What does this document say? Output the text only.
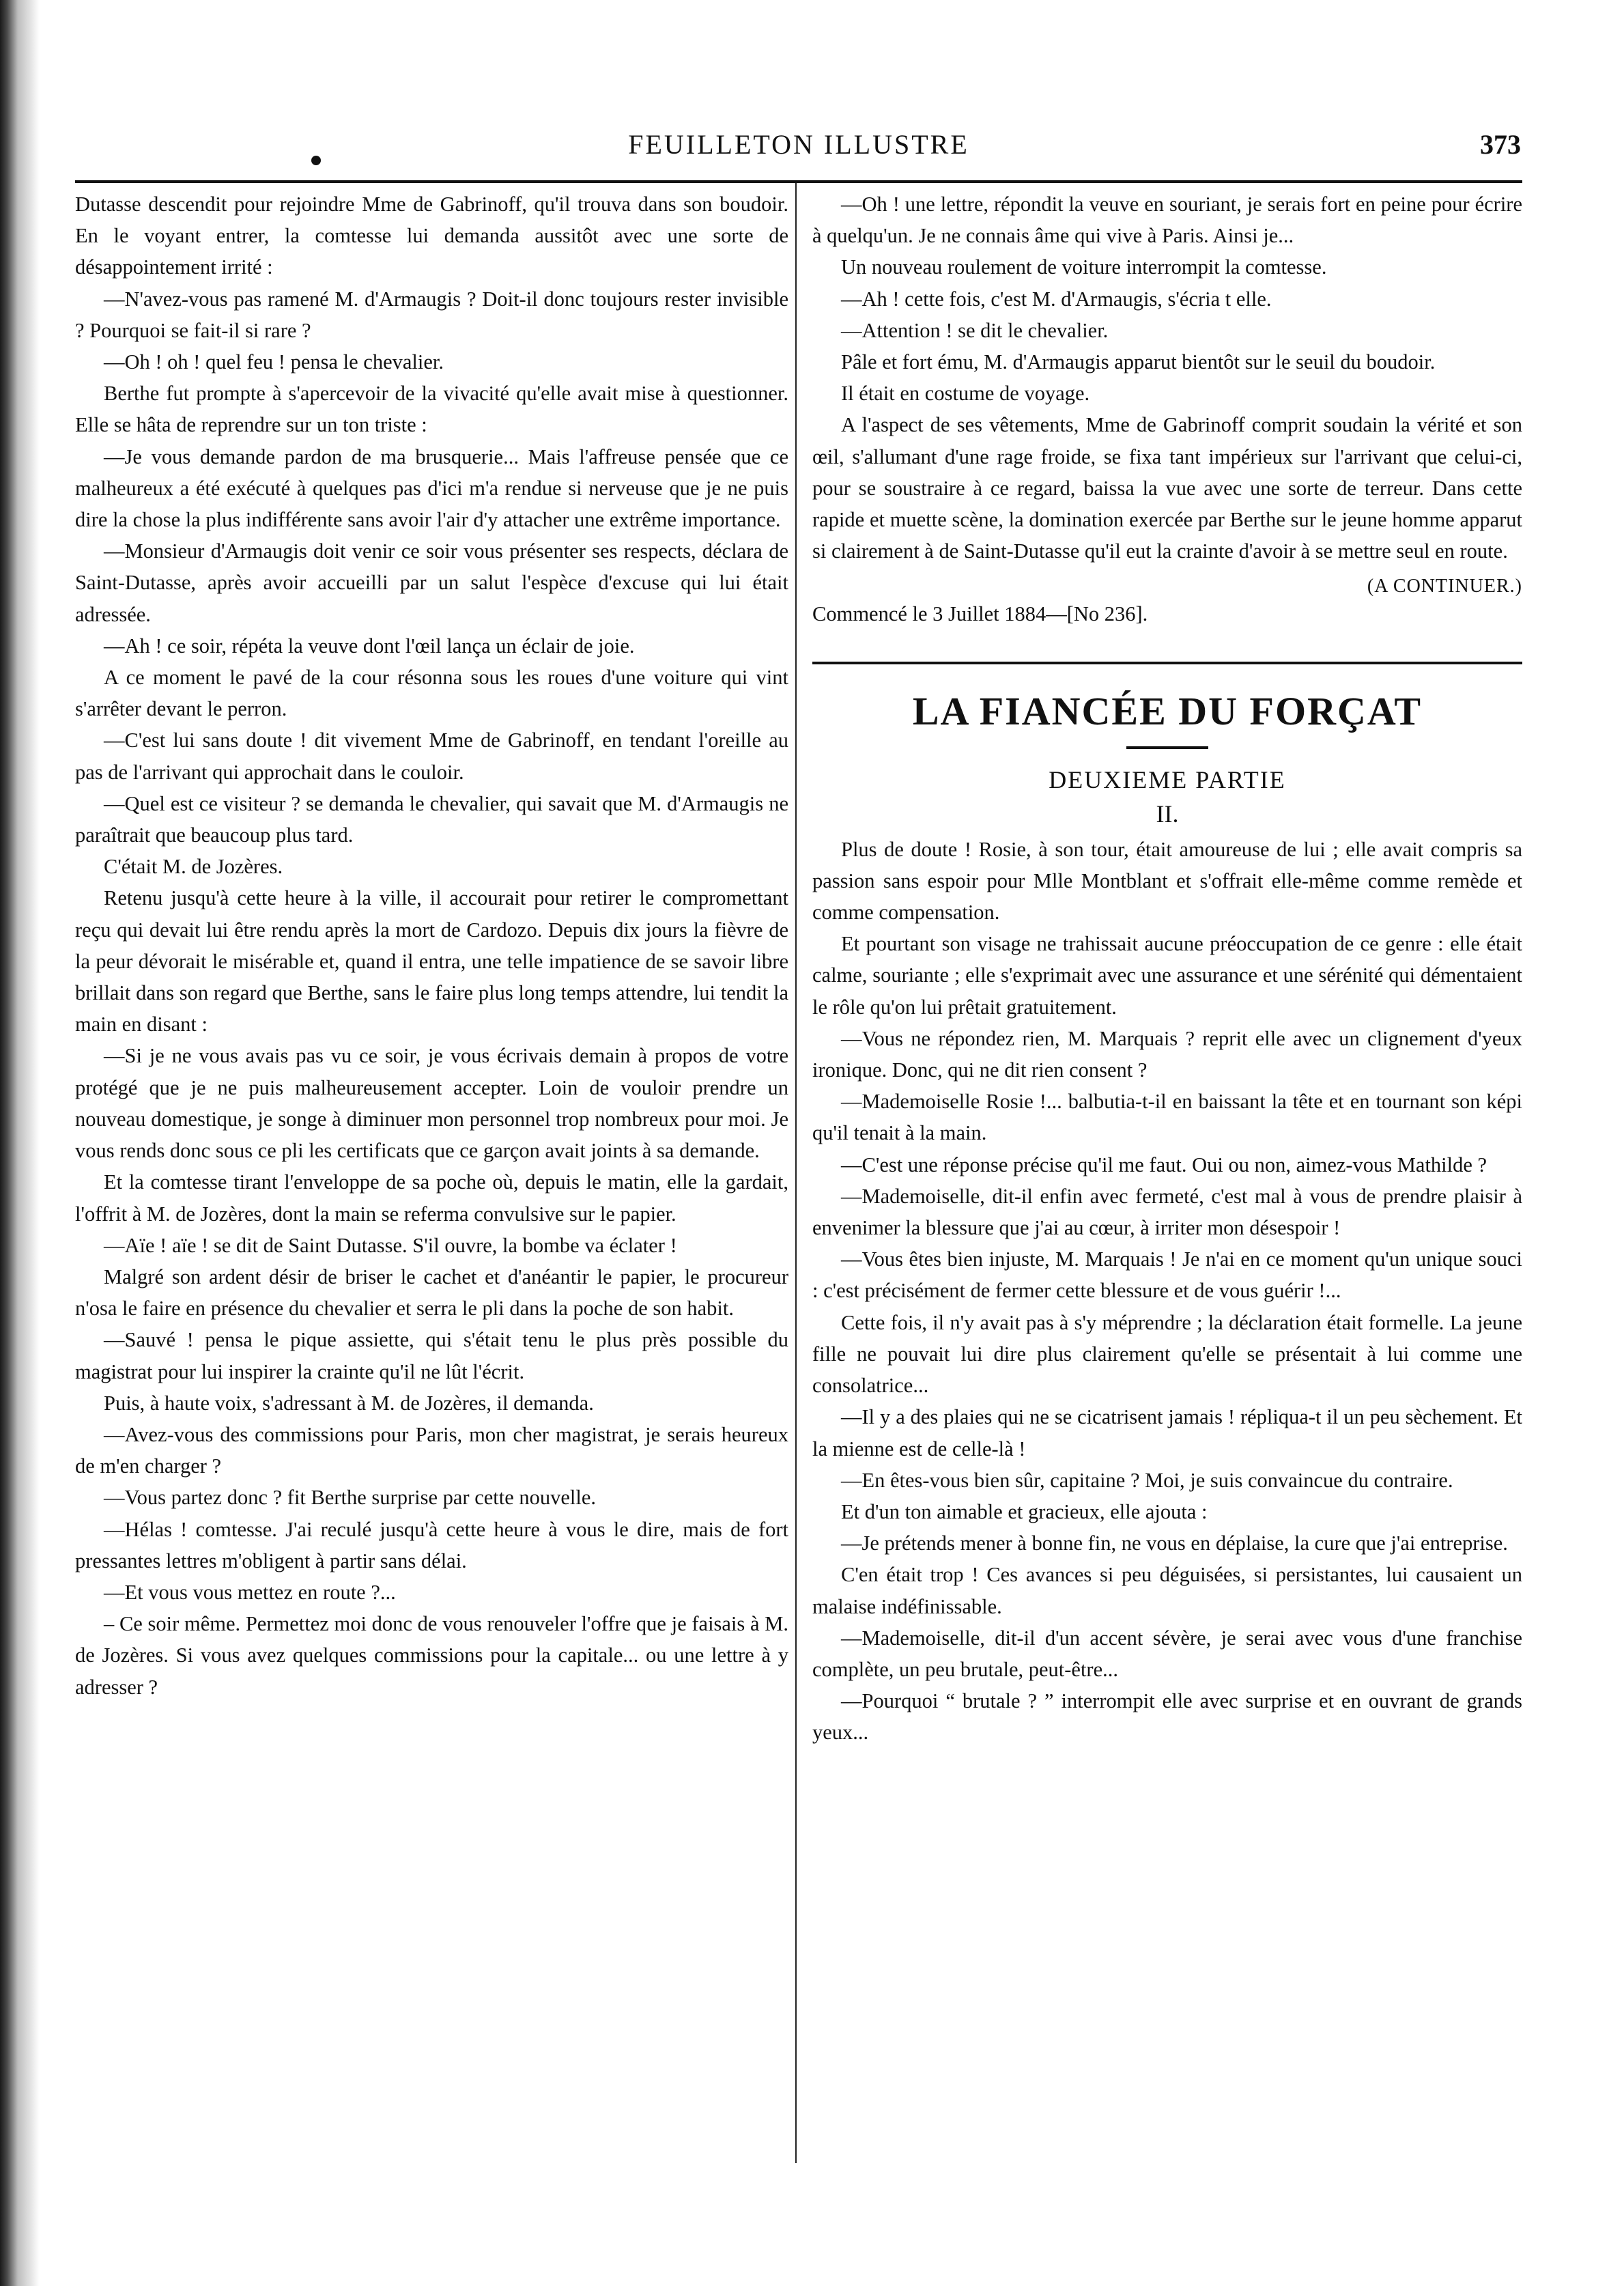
FEUILLETON ILLUSTRE	373

Dutasse descendit pour rejoindre Mme de Gabrinoff, qu'il trouva dans son boudoir. En le voyant entrer, la comtesse lui demanda aussitôt avec une sorte de désappointement irrité :

—N'avez-vous pas ramené M. d'Armaugis ? Doit-il donc toujours rester invisible ? Pourquoi se fait-il si rare ?

—Oh ! oh ! quel feu ! pensa le chevalier.

Berthe fut prompte à s'apercevoir de la vivacité qu'elle avait mise à questionner. Elle se hâta de reprendre sur un ton triste :

—Je vous demande pardon de ma brusquerie... Mais l'affreuse pensée que ce malheureux a été exécuté à quelques pas d'ici m'a rendue si nerveuse que je ne puis dire la chose la plus indifférente sans avoir l'air d'y attacher une extrême importance.

—Monsieur d'Armaugis doit venir ce soir vous présenter ses respects, déclara de Saint-Dutasse, après avoir accueilli par un salut l'espèce d'excuse qui lui était adressée.

—Ah ! ce soir, répéta la veuve dont l'œil lança un éclair de joie.

A ce moment le pavé de la cour résonna sous les roues d'une voiture qui vint s'arrêter devant le perron.

—C'est lui sans doute ! dit vivement Mme de Gabrinoff, en tendant l'oreille au pas de l'arrivant qui approchait dans le couloir.

—Quel est ce visiteur ? se demanda le chevalier, qui savait que M. d'Armaugis ne paraîtrait que beaucoup plus tard.

C'était M. de Jozères.

Retenu jusqu'à cette heure à la ville, il accourait pour retirer le compromettant reçu qui devait lui être rendu après la mort de Cardozo. Depuis dix jours la fièvre de la peur dévorait le misérable et, quand il entra, une telle impatience de se savoir libre brillait dans son regard que Berthe, sans le faire plus long temps attendre, lui tendit la main en disant :

—Si je ne vous avais pas vu ce soir, je vous écrivais demain à propos de votre protégé que je ne puis malheureusement accepter. Loin de vouloir prendre un nouveau domestique, je songe à diminuer mon personnel trop nombreux pour moi. Je vous rends donc sous ce pli les certificats que ce garçon avait joints à sa demande.

Et la comtesse tirant l'enveloppe de sa poche où, depuis le matin, elle la gardait, l'offrit à M. de Jozères, dont la main se referma convulsive sur le papier.

—Aïe ! aïe ! se dit de Saint Dutasse. S'il ouvre, la bombe va éclater !

Malgré son ardent désir de briser le cachet et d'anéantir le papier, le procureur n'osa le faire en présence du chevalier et serra le pli dans la poche de son habit.

—Sauvé ! pensa le pique assiette, qui s'était tenu le plus près possible du magistrat pour lui inspirer la crainte qu'il ne lût l'écrit.

Puis, à haute voix, s'adressant à M. de Jozères, il demanda.

—Avez-vous des commissions pour Paris, mon cher magistrat, je serais heureux de m'en charger ?

—Vous partez donc ? fit Berthe surprise par cette nouvelle.

—Hélas ! comtesse. J'ai reculé jusqu'à cette heure à vous le dire, mais de fort pressantes lettres m'obligent à partir sans délai.

—Et vous vous mettez en route ?...

– Ce soir même. Permettez moi donc de vous renouveler l'offre que je faisais à M. de Jozères. Si vous avez quelques commissions pour la capitale... ou une lettre à y adresser ?

—Oh ! une lettre, répondit la veuve en souriant, je serais fort en peine pour écrire à quelqu'un. Je ne connais âme qui vive à Paris. Ainsi je...

Un nouveau roulement de voiture interrompit la comtesse.

—Ah ! cette fois, c'est M. d'Armaugis, s'écria t elle.

—Attention ! se dit le chevalier.

Pâle et fort ému, M. d'Armaugis apparut bientôt sur le seuil du boudoir.

Il était en costume de voyage.

A l'aspect de ses vêtements, Mme de Gabrinoff comprit soudain la vérité et son œil, s'allumant d'une rage froide, se fixa tant impérieux sur l'arrivant que celui-ci, pour se soustraire à ce regard, baissa la vue avec une sorte de terreur. Dans cette rapide et muette scène, la domination exercée par Berthe sur le jeune homme apparut si clairement à de Saint-Dutasse qu'il eut la crainte d'avoir à se mettre seul en route.

(A CONTINUER.)

Commencé le 3 Juillet 1884—[No 236].

LA FIANCÉE DU FORÇAT
DEUXIEME PARTIE
II.

Plus de doute ! Rosie, à son tour, était amoureuse de lui ; elle avait compris sa passion sans espoir pour Mlle Montblant et s'offrait elle-même comme remède et comme compensation.

Et pourtant son visage ne trahissait aucune préoccupation de ce genre : elle était calme, souriante ; elle s'exprimait avec une assurance et une sérénité qui démentaient le rôle qu'on lui prêtait gratuitement.

—Vous ne répondez rien, M. Marquais ? reprit elle avec un clignement d'yeux ironique. Donc, qui ne dit rien consent ?

—Mademoiselle Rosie !... balbutia-t-il en baissant la tête et en tournant son képi qu'il tenait à la main.

—C'est une réponse précise qu'il me faut. Oui ou non, aimez-vous Mathilde ?

—Mademoiselle, dit-il enfin avec fermeté, c'est mal à vous de prendre plaisir à envenimer la blessure que j'ai au cœur, à irriter mon désespoir !

—Vous êtes bien injuste, M. Marquais ! Je n'ai en ce moment qu'un unique souci : c'est précisément de fermer cette blessure et de vous guérir !...

Cette fois, il n'y avait pas à s'y méprendre ; la déclaration était formelle. La jeune fille ne pouvait lui dire plus clairement qu'elle se présentait à lui comme une consolatrice...

—Il y a des plaies qui ne se cicatrisent jamais ! répliqua-t il un peu sèchement. Et la mienne est de celle-là !

—En êtes-vous bien sûr, capitaine ? Moi, je suis convaincue du contraire.

Et d'un ton aimable et gracieux, elle ajouta :

—Je prétends mener à bonne fin, ne vous en déplaise, la cure que j'ai entreprise.

C'en était trop ! Ces avances si peu déguisées, si persistantes, lui causaient un malaise indéfinissable.

—Mademoiselle, dit-il d'un accent sévère, je serai avec vous d'une franchise complète, un peu brutale, peut-être...

—Pourquoi “ brutale ? ” interrompit elle avec surprise et en ouvrant de grands yeux...
